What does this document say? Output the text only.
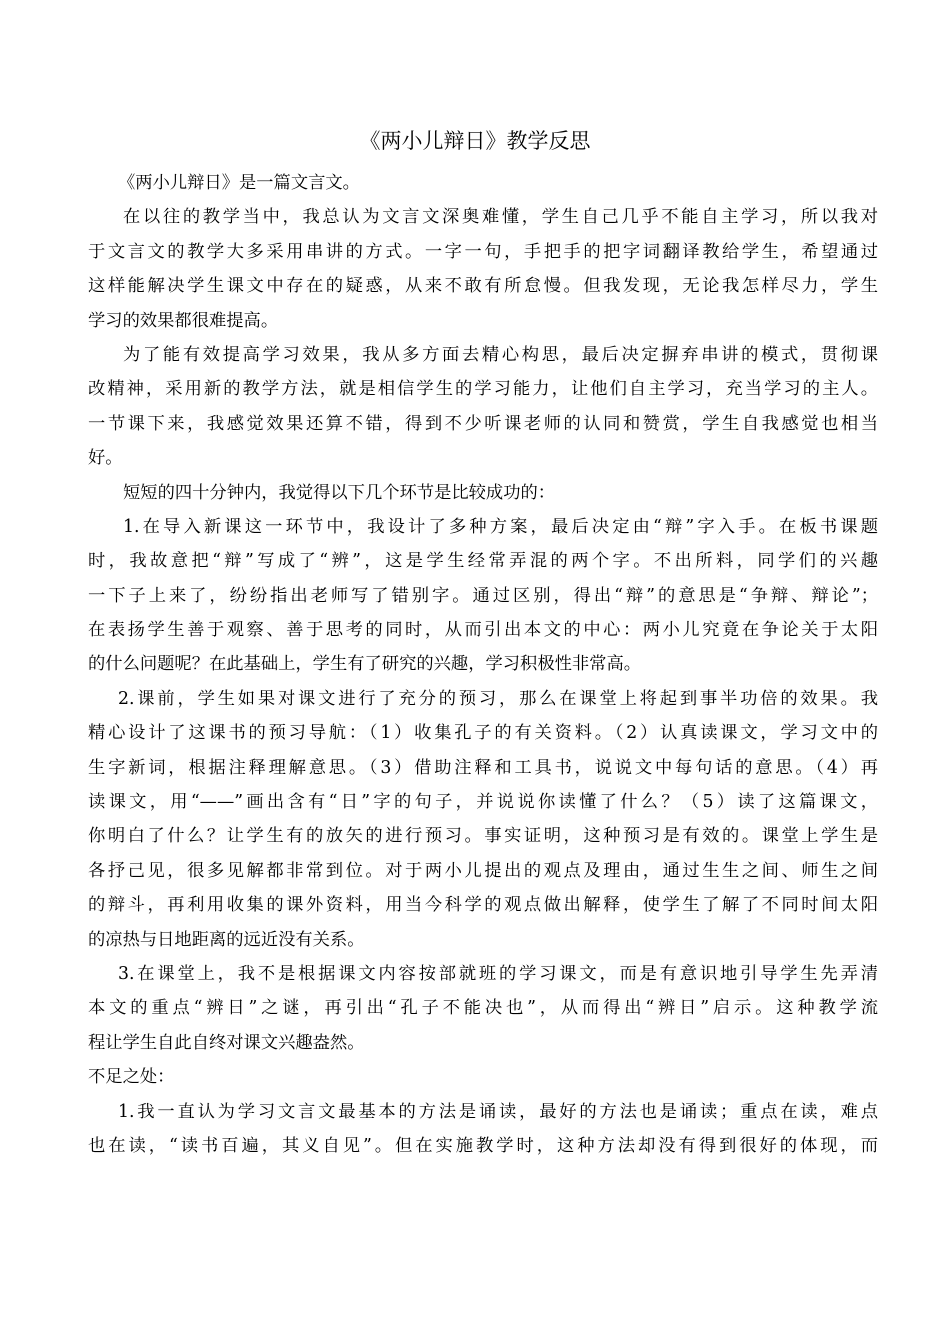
《两小儿辩日》教学反思
《两小儿辩日》是一篇文言文。
在以往的教学当中，我总认为文言文深奥难懂，学生自己几乎不能自主学习，所以我对
于文言文的教学大多采用串讲的方式。一字一句，手把手的把字词翻译教给学生，希望通过
这样能解决学生课文中存在的疑惑，从来不敢有所怠慢。但我发现，无论我怎样尽力，学生
学习的效果都很难提高。
为了能有效提高学习效果，我从多方面去精心构思，最后决定摒弃串讲的模式，贯彻课
改精神，采用新的教学方法，就是相信学生的学习能力，让他们自主学习，充当学习的主人。
一节课下来，我感觉效果还算不错，得到不少听课老师的认同和赞赏，学生自我感觉也相当
好。
短短的四十分钟内，我觉得以下几个环节是比较成功的：
1.在导入新课这一环节中，我设计了多种方案，最后决定由“辩”字入手。在板书课题
时，我故意把“辩”写成了“辨”，这是学生经常弄混的两个字。不出所料，同学们的兴趣
一下子上来了，纷纷指出老师写了错别字。通过区别，得出“辩”的意思是“争辩、辩论”；
在表扬学生善于观察、善于思考的同时，从而引出本文的中心：两小儿究竟在争论关于太阳
的什么问题呢？在此基础上，学生有了研究的兴趣，学习积极性非常高。
2.课前，学生如果对课文进行了充分的预习，那么在课堂上将起到事半功倍的效果。我
精心设计了这课书的预习导航：（1）收集孔子的有关资料。（2）认真读课文，学习文中的
生字新词，根据注释理解意思。（3）借助注释和工具书，说说文中每句话的意思。（4）再
读课文，用“——”画出含有“日”字的句子，并说说你读懂了什么？（5）读了这篇课文，
你明白了什么？让学生有的放矢的进行预习。事实证明，这种预习是有效的。课堂上学生是
各抒己见，很多见解都非常到位。对于两小儿提出的观点及理由，通过生生之间、师生之间
的辩斗，再利用收集的课外资料，用当今科学的观点做出解释，使学生了解了不同时间太阳
的凉热与日地距离的远近没有关系。
3.在课堂上，我不是根据课文内容按部就班的学习课文，而是有意识地引导学生先弄清
本文的重点“辨日”之谜，再引出“孔子不能决也”，从而得出“辨日”启示。这种教学流
程让学生自此自终对课文兴趣盎然。
不足之处：
1.我一直认为学习文言文最基本的方法是诵读，最好的方法也是诵读；重点在读，难点
也在读，“读书百遍，其义自见”。但在实施教学时，这种方法却没有得到很好的体现，而
